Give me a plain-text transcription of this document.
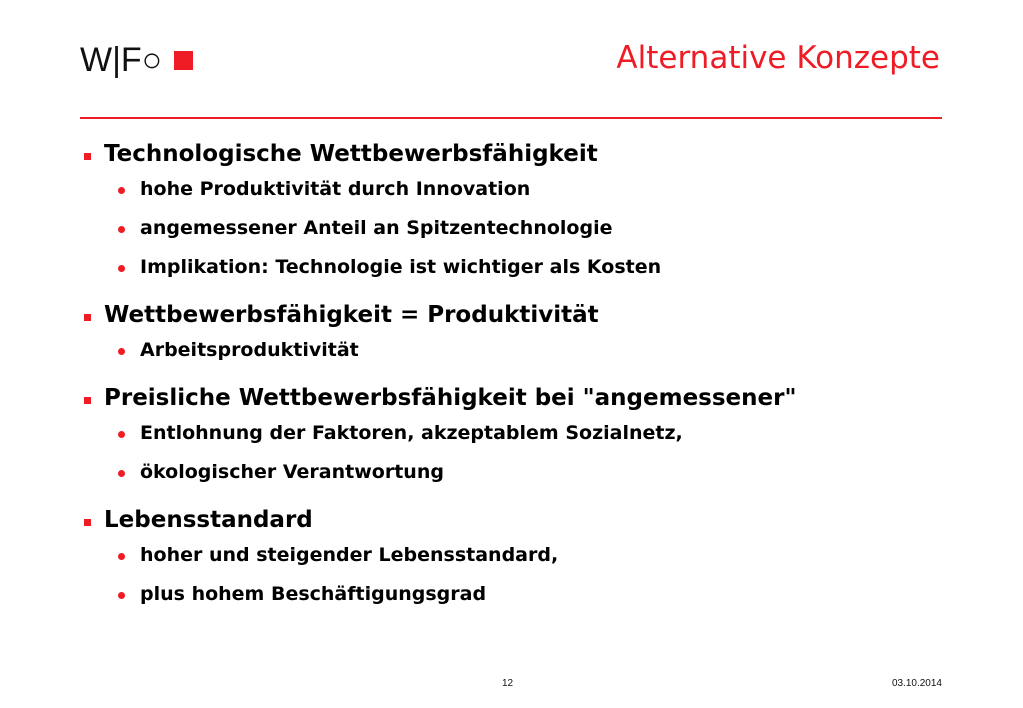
W|F○	Alternative Konzepte
Technologische Wettbewerbsfähigkeit
hohe Produktivität durch Innovation
angemessener Anteil an Spitzentechnologie
Implikation: Technologie ist wichtiger als Kosten
Wettbewerbsfähigkeit = Produktivität
Arbeitsproduktivität
Preisliche Wettbewerbsfähigkeit bei "angemessener"
Entlohnung der Faktoren, akzeptablem Sozialnetz,
ökologischer Verantwortung
Lebensstandard
hoher und steigender Lebensstandard,
plus hohem Beschäftigungsgrad
12	03.10.2014
